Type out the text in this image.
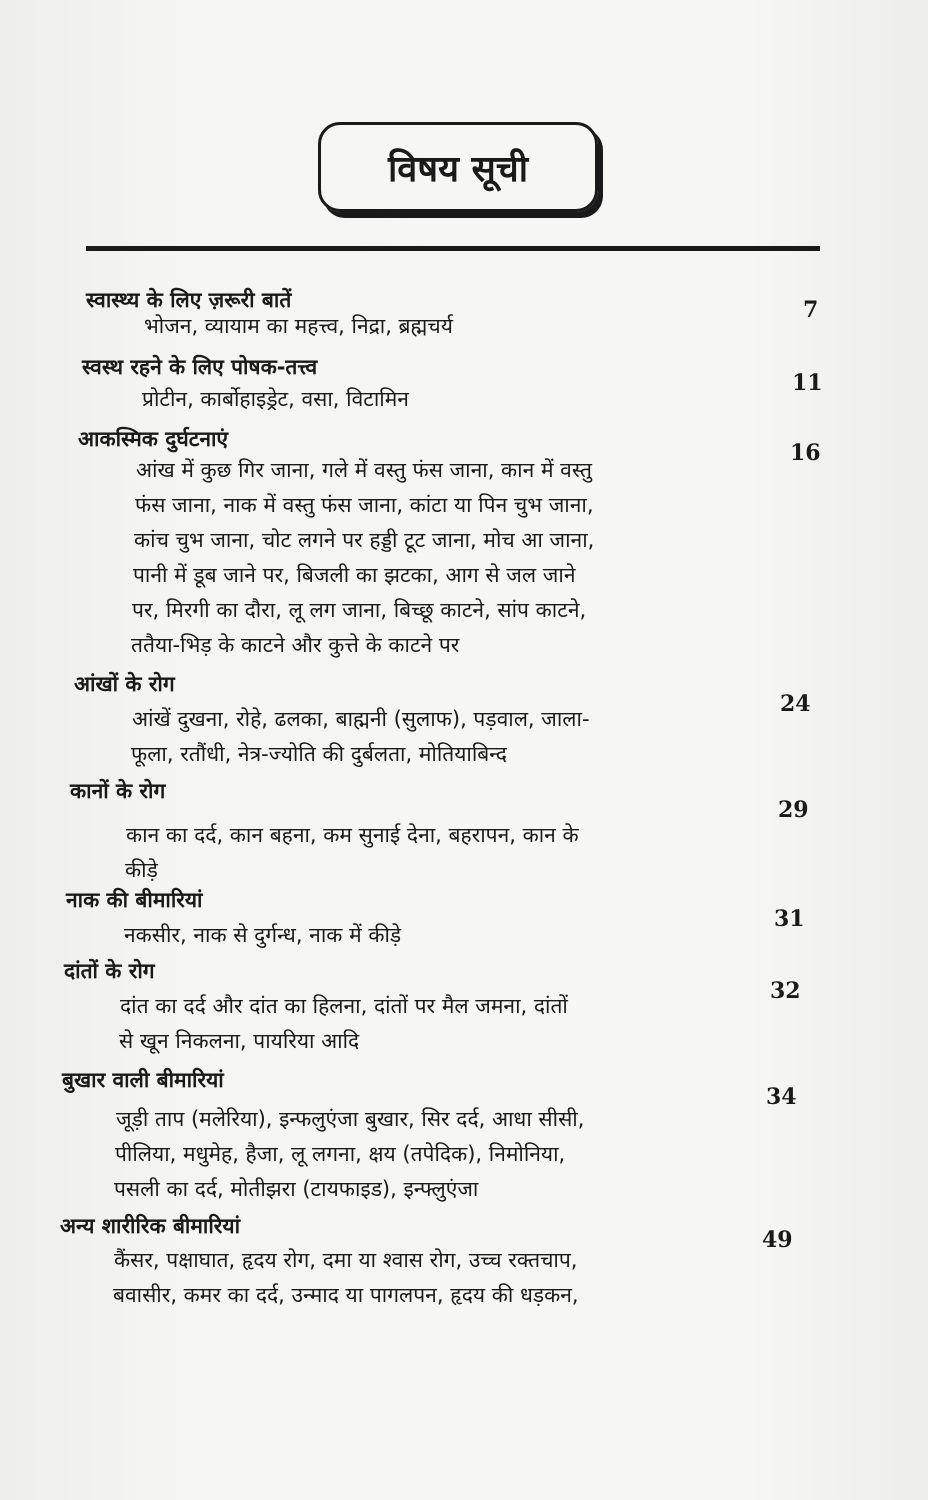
विषय सूची
स्वास्थ्य के लिए ज़रूरी बातें	7
भोजन, व्यायाम का महत्त्व, निद्रा, ब्रह्मचर्य
स्वस्थ रहने के लिए पोषक-तत्त्व
11
प्रोटीन, कार्बोहाइड्रेट, वसा, विटामिन
आकस्मिक दुर्घटनाएं
16
आंख में कुछ गिर जाना, गले में वस्तु फंस जाना, कान में वस्तु
फंस जाना, नाक में वस्तु फंस जाना, कांटा या पिन चुभ जाना,
कांच चुभ जाना, चोट लगने पर हड्डी टूट जाना, मोच आ जाना,
पानी में डूब जाने पर, बिजली का झटका, आग से जल जाने
पर, मिरगी का दौरा, लू लग जाना, बिच्छू काटने, सांप काटने,
ततैया-भिड़ के काटने और कुत्ते के काटने पर
आंखों के रोग
24
आंखें दुखना, रोहे, ढलका, बाह्मनी (सुलाफ), पड़वाल, जाला-
फूला, रतौंधी, नेत्र-ज्योति की दुर्बलता, मोतियाबिन्द
कानों के रोग
29
कान का दर्द, कान बहना, कम सुनाई देना, बहरापन, कान के
कीड़े
नाक की बीमारियां
31
नकसीर, नाक से दुर्गन्ध, नाक में कीड़े
दांतों के रोग
32
दांत का दर्द और दांत का हिलना, दांतों पर मैल जमना, दांतों
से खून निकलना, पायरिया आदि
बुखार वाली बीमारियां
34
जूड़ी ताप (मलेरिया), इन्फलुएंजा बुखार, सिर दर्द, आधा सीसी,
पीलिया, मधुमेह, हैजा, लू लगना, क्षय (तपेदिक), निमोनिया,
पसली का दर्द, मोतीझरा (टायफाइड), इन्फ्लुएंजा
अन्य शारीरिक बीमारियां
49
कैंसर, पक्षाघात, हृदय रोग, दमा या श्वास रोग, उच्च रक्तचाप,
बवासीर, कमर का दर्द, उन्माद या पागलपन, हृदय की धड़कन,
